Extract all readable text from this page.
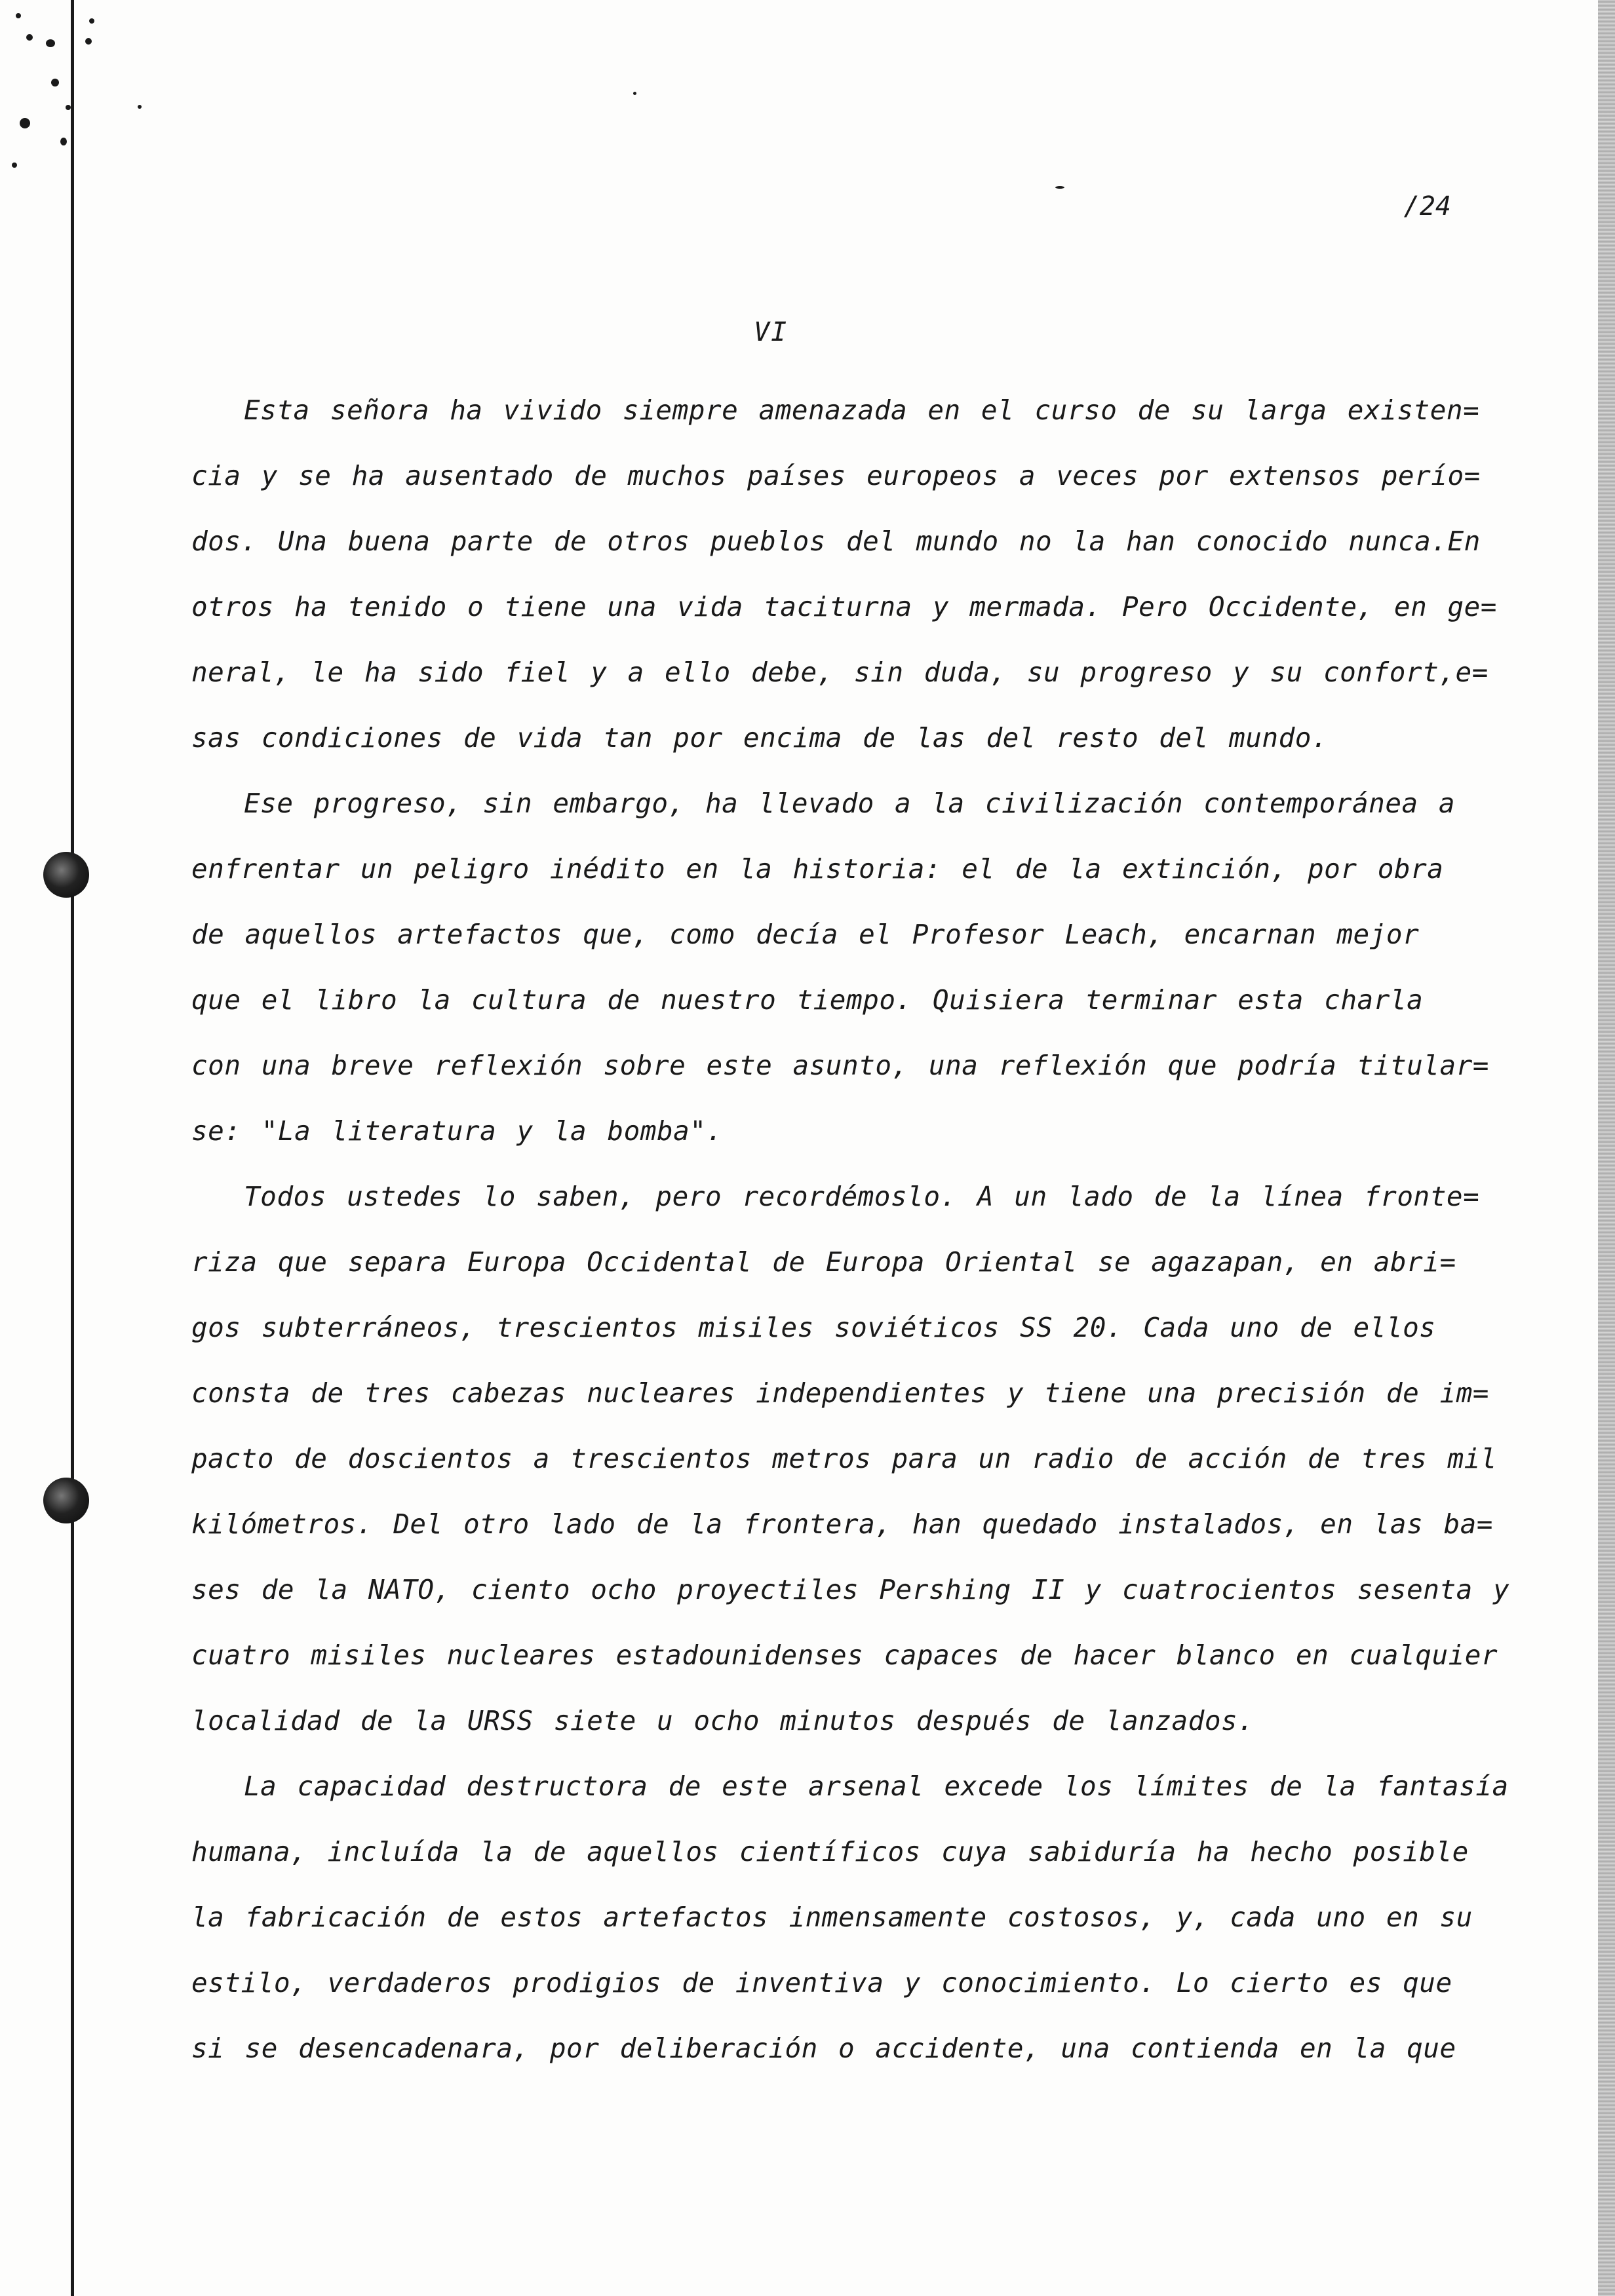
/24
VI
Esta señora ha vivido siempre amenazada en el curso de su larga existen=
cia y se ha ausentado de muchos países europeos a veces por extensos perío=
dos. Una buena parte de otros pueblos del mundo no la han conocido nunca.En
otros ha tenido o tiene una vida taciturna y mermada. Pero Occidente, en ge=
neral, le ha sido fiel y a ello debe, sin duda, su progreso y su confort,e=
sas condiciones de vida tan por encima de las del resto del mundo.
Ese progreso, sin embargo, ha llevado a la civilización contemporánea a
enfrentar un peligro inédito en la historia: el de la extinción, por obra
de aquellos artefactos que, como decía el Profesor Leach, encarnan mejor
que el libro la cultura de nuestro tiempo. Quisiera terminar esta charla
con una breve reflexión sobre este asunto, una reflexión que podría titular=
se: "La literatura y la bomba".
Todos ustedes lo saben, pero recordémoslo. A un lado de la línea fronte=
riza que separa Europa Occidental de Europa Oriental se agazapan, en abri=
gos subterráneos, trescientos misiles soviéticos SS 20. Cada uno de ellos
consta de tres cabezas nucleares independientes y tiene una precisión de im=
pacto de doscientos a trescientos metros para un radio de acción de tres mil
kilómetros. Del otro lado de la frontera, han quedado instalados, en las ba=
ses de la NATO, ciento ocho proyectiles Pershing II y cuatrocientos sesenta y
cuatro misiles nucleares estadounidenses capaces de hacer blanco en cualquier
localidad de la URSS siete u ocho minutos después de lanzados.
La capacidad destructora de este arsenal excede los límites de la fantasía
humana, incluída la de aquellos científicos cuya sabiduría ha hecho posible
la fabricación de estos artefactos inmensamente costosos, y, cada uno en su
estilo, verdaderos prodigios de inventiva y conocimiento. Lo cierto es que
si se desencadenara, por deliberación o accidente, una contienda en la que
